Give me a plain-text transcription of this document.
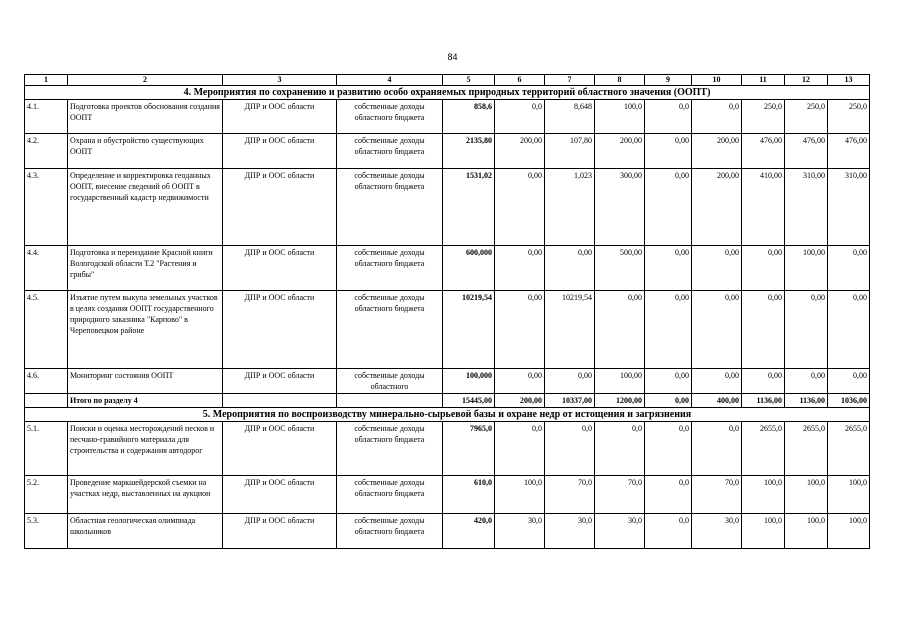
84
1	2	3	4	5	6	7	8	9	10	11	12	13
4. Мероприятия по сохранению и развитию особо охраняемых природных территорий областного значения (ООПТ)												
4.1.	Подготовка проектов обоснования создания ООПТ	ДПР и ООС области	собственные доходы областного бюджета	858,6	0,0	8,648	100,0	0,0	0,0	250,0	250,0	250,0
4.2.	Охрана и обустройство существующих ООПТ	ДПР и ООС области	собственные доходы областного бюджета	2135,80	200,00	107,80	200,00	0,00	200,00	476,00	476,00	476,00
4.3.	Определение и корректировка геоданных ООПТ, внесение сведений об ООПТ в государственный кадастр недвижимости	ДПР и ООС области	собственные доходы областного бюджета	1531,02	0,00	1,023	300,00	0,00	200,00	410,00	310,00	310,00
4.4.	Подготовка и переиздание Красной книги Вологодской области Т.2 "Растения и грибы"	ДПР и ООС области	собственные доходы областного бюджета	600,000	0,00	0,00	500,00	0,00	0,00	0,00	100,00	0,00
4.5.	Изъятие путем выкупа земельных участков в целях создания ООПТ государственного природного заказника "Карпово" в Череповецком районе	ДПР и ООС области	собственные доходы областного бюджета	10219,54	0,00	10219,54	0,00	0,00	0,00	0,00	0,00	0,00
4.6.	Мониторинг состояния ООПТ	ДПР и ООС области	собственные доходы областного	100,000	0,00	0,00	100,00	0,00	0,00	0,00	0,00	0,00
	Итого по разделу 4			15445,00	200,00	10337,00	1200,00	0,00	400,00	1136,00	1136,00	1036,00
5. Мероприятия по воспроизводству минерально-сырьевой базы и охране недр от истощения и загрязнения												
5.1.	Поиски и оценка месторождений песков и песчано-гравийного материала для строительства и содержания автодорог	ДПР и ООС области	собственные доходы областного бюджета	7965,0	0,0	0,0	0,0	0,0	0,0	2655,0	2655,0	2655,0
5.2.	Проведение маркшейдерской съемки на участках недр, выставленных на аукцион	ДПР и ООС области	собственные доходы областного бюджета	610,0	100,0	70,0	70,0	0,0	70,0	100,0	100,0	100,0
5.3.	Областная геологическая олимпиада школьников	ДПР и ООС области	собственные доходы областного бюджета	420,0	30,0	30,0	30,0	0,0	30,0	100,0	100,0	100,0
